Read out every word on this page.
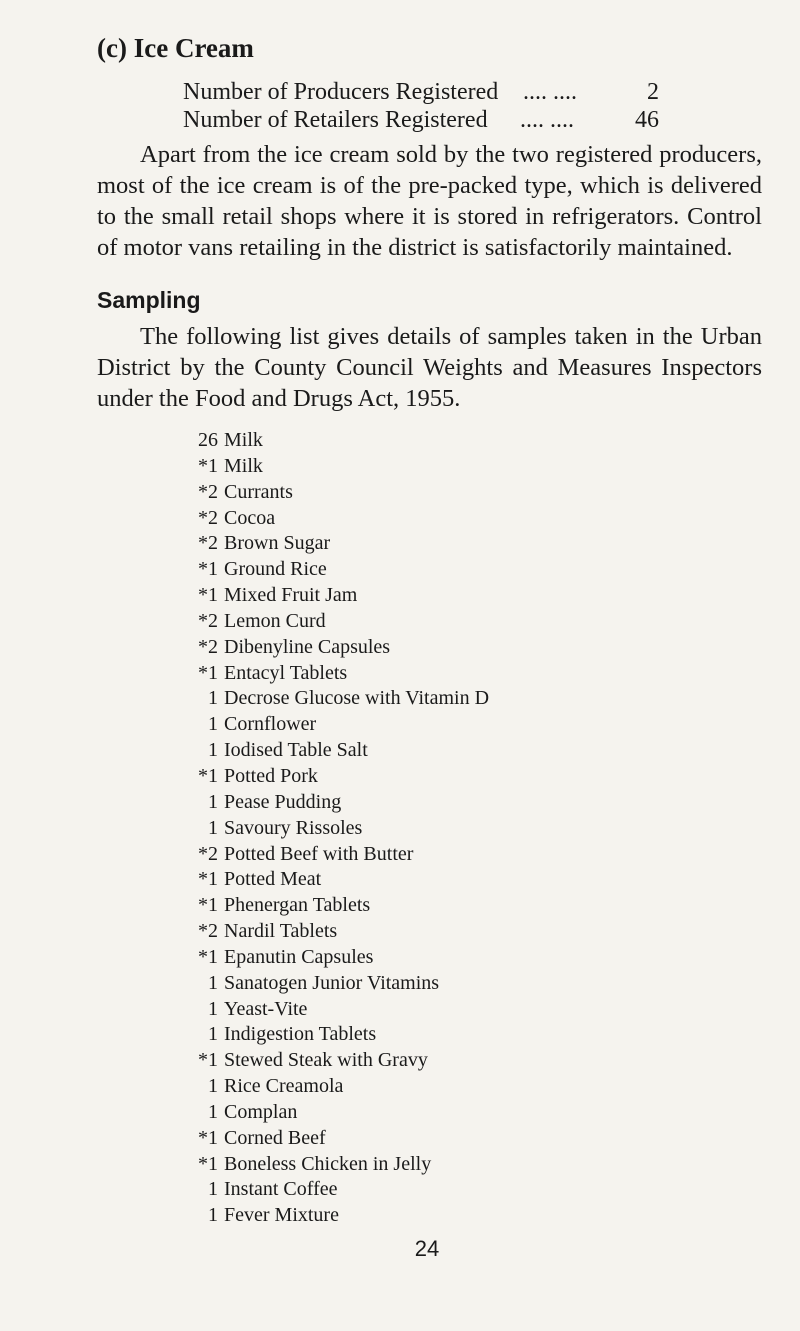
(c) Ice Cream
Number of Producers Registered .... ....	2
Number of Retailers Registered .... ....	46

Apart from the ice cream sold by the two registered producers, most of the ice cream is of the pre-packed type, which is delivered to the small retail shops where it is stored in refrigerators. Control of motor vans retailing in the district is satisfactorily maintained.

Sampling

The following list gives details of samples taken in the Urban District by the County Council Weights and Measures Inspectors under the Food and Drugs Act, 1955.

26 Milk
*1 Milk
*2 Currants
*2 Cocoa
*2 Brown Sugar
*1 Ground Rice
*1 Mixed Fruit Jam
*2 Lemon Curd
*2 Dibenyline Capsules
*1 Entacyl Tablets
1 Decrose Glucose with Vitamin D
1 Cornflower
1 Iodised Table Salt
*1 Potted Pork
1 Pease Pudding
1 Savoury Rissoles
*2 Potted Beef with Butter
*1 Potted Meat
*1 Phenergan Tablets
*2 Nardil Tablets
*1 Epanutin Capsules
1 Sanatogen Junior Vitamins
1 Yeast-Vite
1 Indigestion Tablets
*1 Stewed Steak with Gravy
1 Rice Creamola
1 Complan
*1 Corned Beef
*1 Boneless Chicken in Jelly
1 Instant Coffee
1 Fever Mixture
24
